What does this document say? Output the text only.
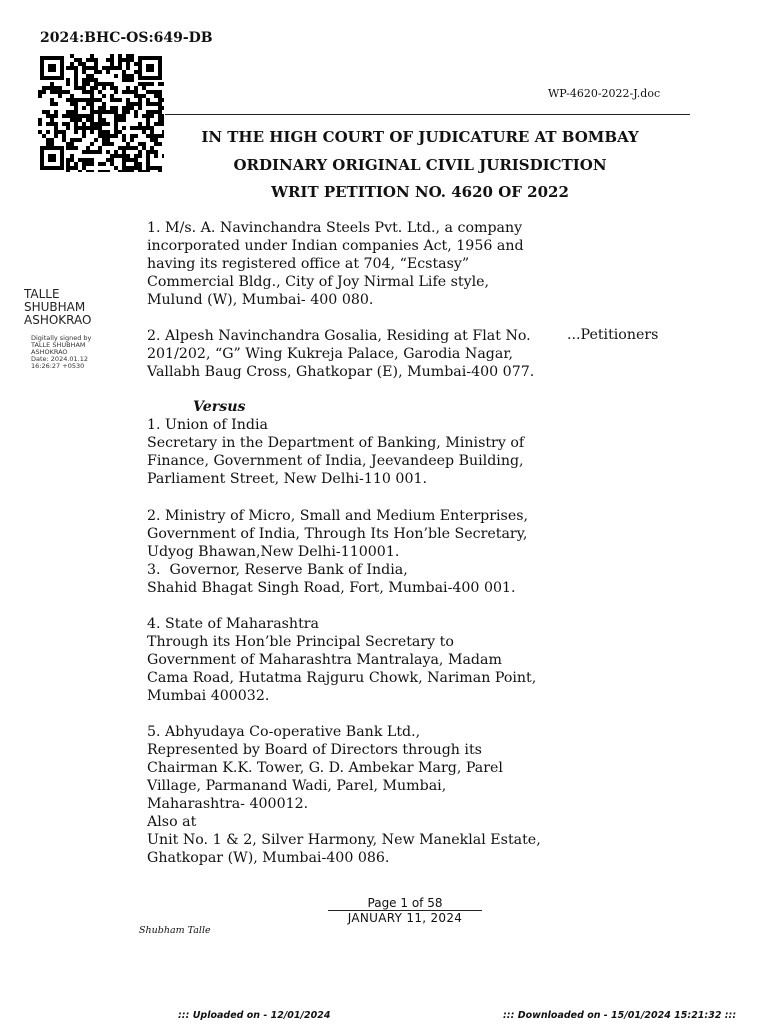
2024:BHC-OS:649-DB
WP-4620-2022-J.doc
IN THE HIGH COURT OF JUDICATURE AT BOMBAY
ORDINARY ORIGINAL CIVIL JURISDICTION
WRIT PETITION NO. 4620 OF 2022
1. M/s. A. Navinchandra Steels Pvt. Ltd., a company
incorporated under Indian companies Act, 1956 and
having its registered office at 704, “Ecstasy”
Commercial Bldg., City of Joy Nirmal Life style,
Mulund (W), Mumbai- 400 080.
TALLE
SHUBHAM
ASHOKRAO
Digitally signed by
TALLE SHUBHAM
ASHOKRAO
Date: 2024.01.12
16:26:27 +0530
2. Alpesh Navinchandra Gosalia, Residing at Flat No.
201/202, “G” Wing Kukreja Palace, Garodia Nagar,
Vallabh Baug Cross, Ghatkopar (E), Mumbai-400 077.
...Petitioners
Versus
1. Union of India
Secretary in the Department of Banking, Ministry of
Finance, Government of India, Jeevandeep Building,
Parliament Street, New Delhi-110 001.
2. Ministry of Micro, Small and Medium Enterprises,
Government of India, Through Its Hon’ble Secretary,
Udyog Bhawan,New Delhi-110001.
3.  Governor, Reserve Bank of India,
Shahid Bhagat Singh Road, Fort, Mumbai-400 001.
4. State of Maharashtra
Through its Hon’ble Principal Secretary to
Government of Maharashtra Mantralaya, Madam
Cama Road, Hutatma Rajguru Chowk, Nariman Point,
Mumbai 400032.
5. Abhyudaya Co-operative Bank Ltd.,
Represented by Board of Directors through its
Chairman K.K. Tower, G. D. Ambekar Marg, Parel
Village, Parmanand Wadi, Parel, Mumbai,
Maharashtra- 400012.
Also at
Unit No. 1 & 2, Silver Harmony, New Maneklal Estate,
Ghatkopar (W), Mumbai-400 086.
Page 1 of 58
JANUARY 11, 2024
Shubham Talle
::: Uploaded on - 12/01/2024	::: Downloaded on - 15/01/2024 15:21:32 :::
